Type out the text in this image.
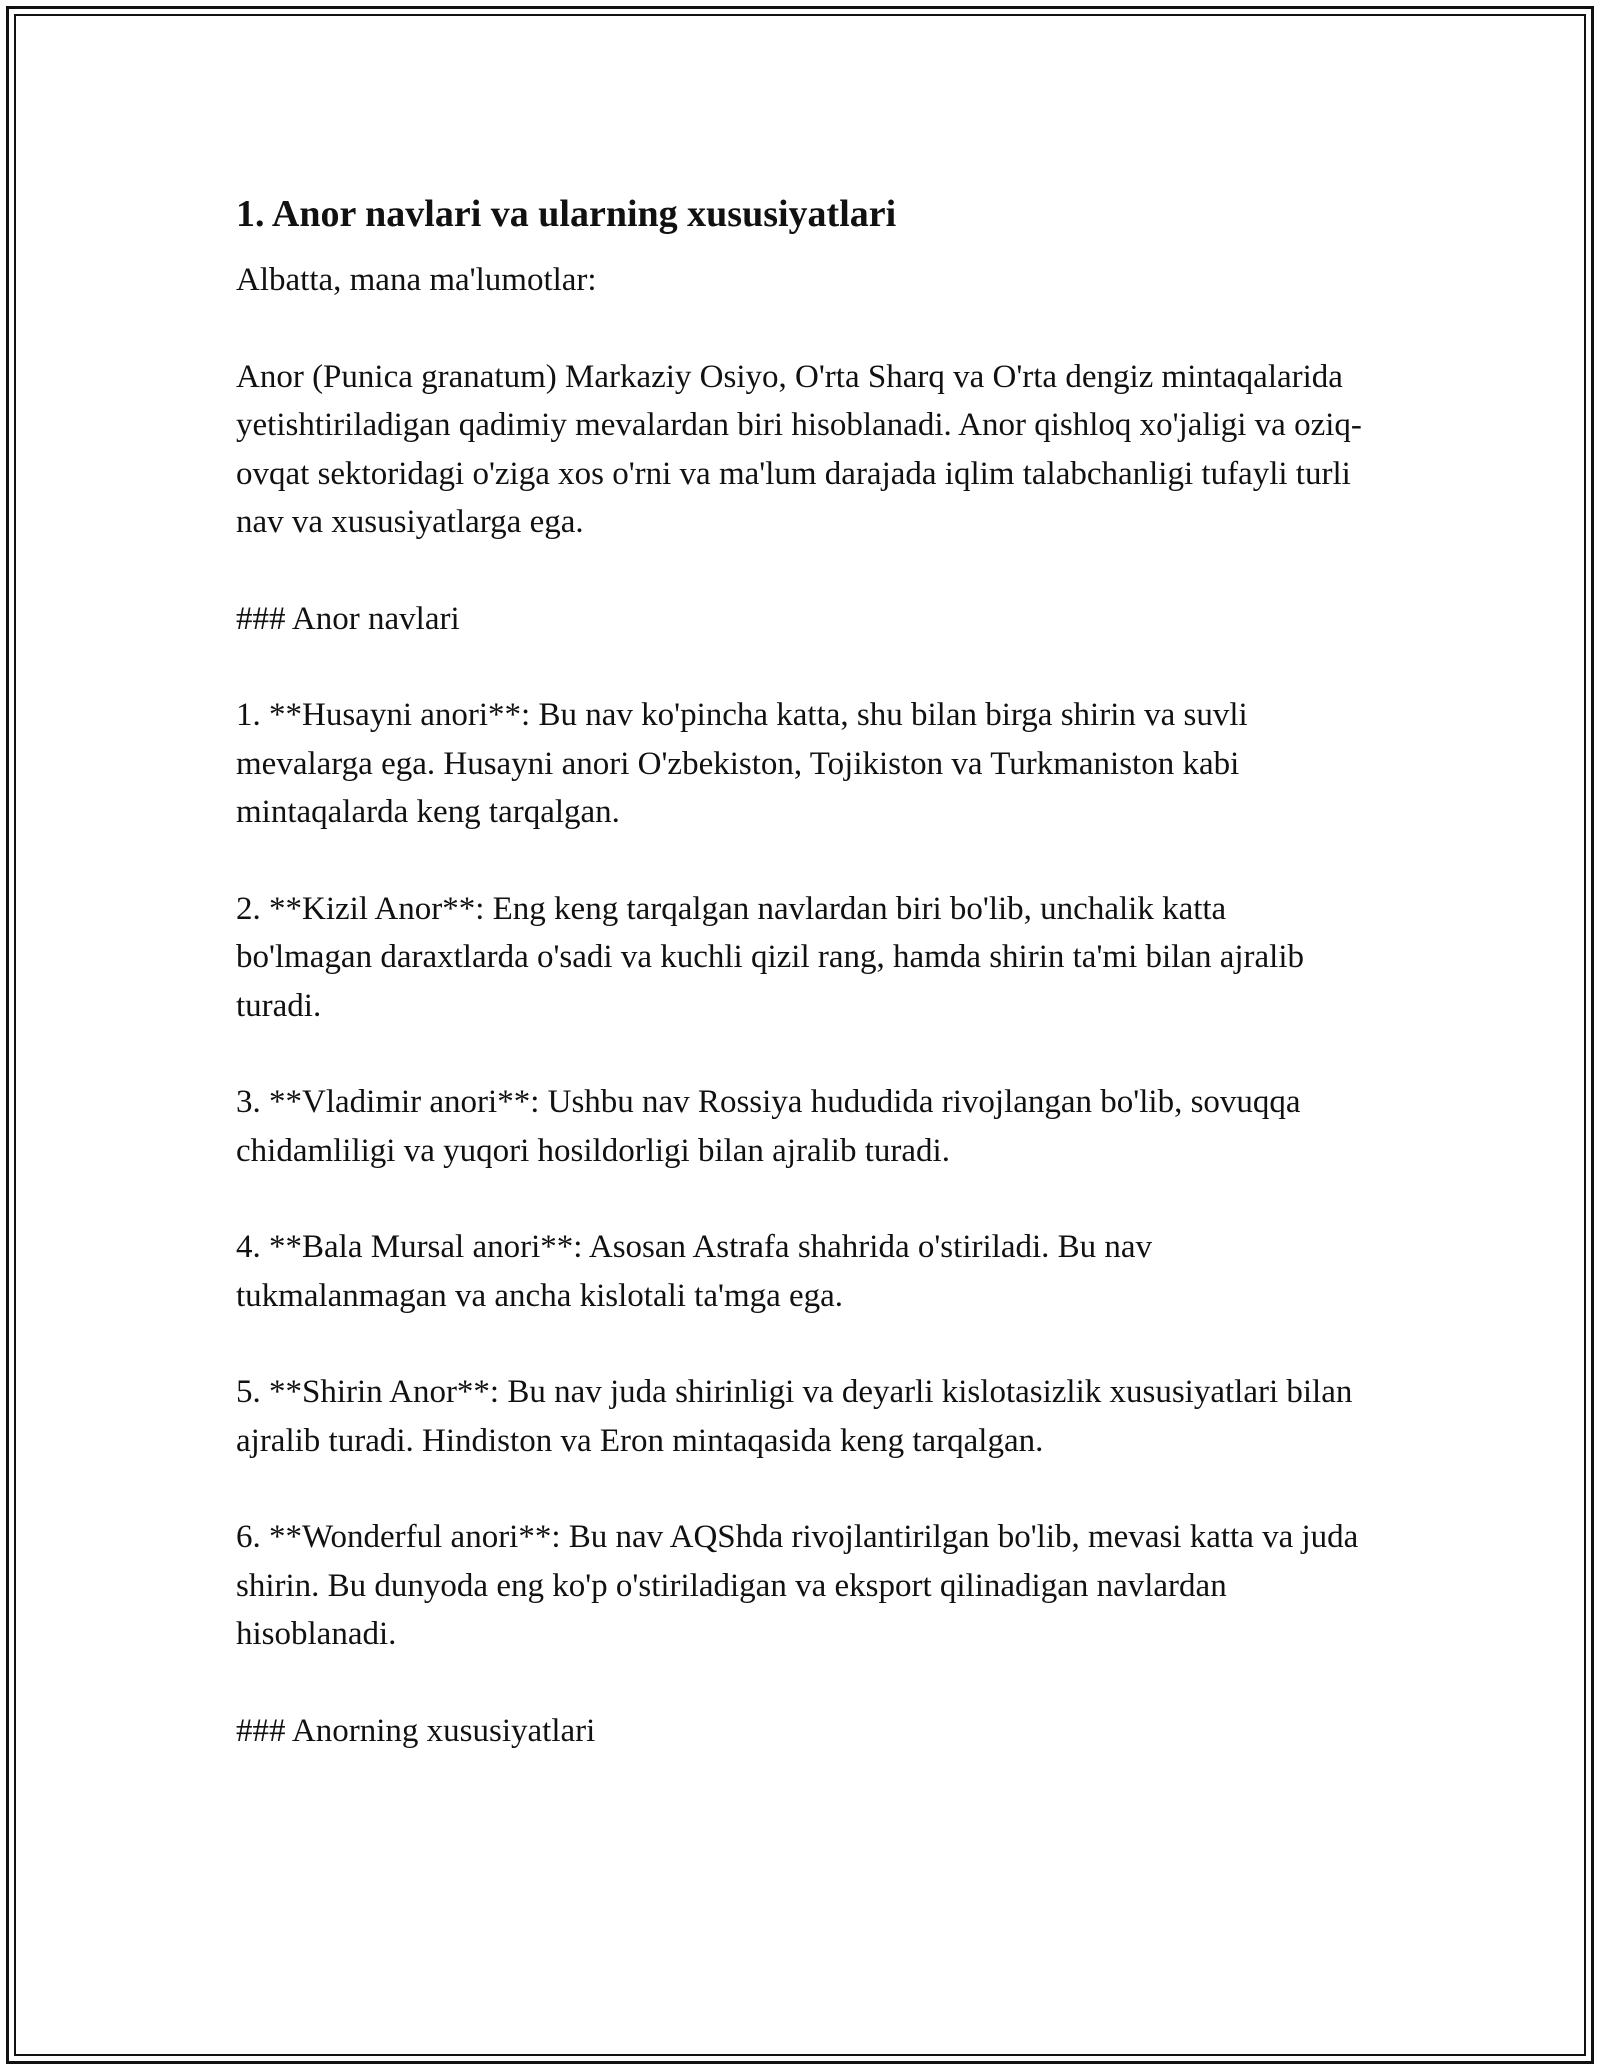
1. Anor navlari va ularning xususiyatlari

Albatta, mana ma'lumotlar:

Anor (Punica granatum) Markaziy Osiyo, O'rta Sharq va O'rta dengiz mintaqalarida yetishtiriladigan qadimiy mevalardan biri hisoblanadi. Anor qishloq xo'jaligi va oziq-ovqat sektoridagi o'ziga xos o'rni va ma'lum darajada iqlim talabchanligi tufayli turli nav va xususiyatlarga ega.

### Anor navlari

1. **Husayni anori**: Bu nav ko'pincha katta, shu bilan birga shirin va suvli mevalarga ega. Husayni anori O'zbekiston, Tojikiston va Turkmaniston kabi mintaqalarda keng tarqalgan.

2. **Kizil Anor**: Eng keng tarqalgan navlardan biri bo'lib, unchalik katta bo'lmagan daraxtlarda o'sadi va kuchli qizil rang, hamda shirin ta'mi bilan ajralib turadi.

3. **Vladimir anori**: Ushbu nav Rossiya hududida rivojlangan bo'lib, sovuqqa chidamliligi va yuqori hosildorligi bilan ajralib turadi.

4. **Bala Mursal anori**: Asosan Astrafa shahrida o'stiriladi. Bu nav tukmalanmagan va ancha kislotali ta'mga ega.

5. **Shirin Anor**: Bu nav juda shirinligi va deyarli kislotasizlik xususiyatlari bilan ajralib turadi. Hindiston va Eron mintaqasida keng tarqalgan.

6. **Wonderful anori**: Bu nav AQShda rivojlantirilgan bo'lib, mevasi katta va juda shirin. Bu dunyoda eng ko'p o'stiriladigan va eksport qilinadigan navlardan hisoblanadi.

### Anorning xususiyatlari
